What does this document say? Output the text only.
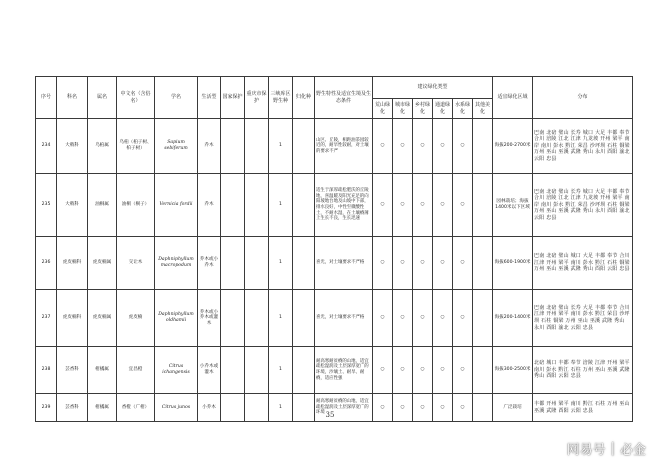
序号	科名	属名	中文名（含俗名）	学名	生活型	国家保护	重庆市保护	三峡库区野生种	归化种	野生特性及适宜生境及生态条件	建议绿化类型						适宜绿化区域	分布
											荒山绿化	城市绿化	乡村绿化	通道绿化	水系绿化	其他美化		
234	大戟科	乌桕属	乌桕（桕子树、柏子树）	Sapium sebiferum	乔木			1		山区、丘陵，相距油茶园较近的，耐旱性较耐，对土壤的要求不严	○	○	○	○	○		海拔200-2700米	巴南 北碚 璧山 长寿 城口 大足 丰都 奉节 合川 涪陵 江北 江津 九龙坡 开州 梁平 南岸 南川 彭水 黔江 荣昌 沙坪坝 石柱 铜梁 万州 巫山 巫溪 武隆 秀山 永川 酉阳 渝北 云阳 忠县
235	大戟科	油桐属	油桐（桐子）	Vernicia fordii	乔木			1		适生于深厚疏松肥沃的丘陵地，喜温暖及阳光充足的向阳坡地台地及山坡中下部，排水良好，中性至微酸性土，不耐水湿，在土壤瘠薄上生长不良，生长迅速	○	○	○	○	○		园林栽培；海拔1400米以下区域	巴南 北碚 璧山 长寿 城口 大足 丰都 奉节 合川 涪陵 江北 江津 九龙坡 开州 梁平 南岸 南川 彭水 黔江 荣昌 沙坪坝 石柱 铜梁 万州 巫山 巫溪 武隆 秀山 永川 酉阳 渝北 云阳 忠县
236	虎皮楠科	虎皮楠属	交让木	Daphniphyllum macropodum	乔木或小乔木			1		喜光，对土壤要求不严格	○	○	○	○	○		海拔600-1900米	巴南 北碚 璧山 城口 大足 丰都 奉节 合川 江津 开州 梁平 南川 彭水 黔江 石柱 铜梁 万州 巫山 巫溪 武隆 秀山 酉阳 云阳 忠县
237	虎皮楠科	虎皮楠属	虎皮楠	Daphniphyllum oldhamii	乔木或小乔木或灌木			1		喜光，对土壤要求不严格	○	○	○	○	○		海拔200-1400米	巴南 北碚 璧山 长寿 大足 丰都 奉节 合川 江津 开州 梁平 南川 彭水 黔江 荣昌 沙坪坝 石柱 铜梁 万州 巫山 巫溪 武隆 秀山 永川 酉阳 渝北 云阳 忠县
238	芸香科	柑橘属	宜昌橙	Citrus ichangensis	小乔木或灌木			1		耐高寒耐贫瘠的山地，适宜疏松湿润及土层深厚宽广的环境，沙壤土、耐旱、耐瘠，适应性强	○	○	○	○	○		海拔300-2500米	北碚 城口 丰都 奉节 涪陵 江津 开州 梁平 南川 彭水 黔江 石柱 万州 巫山 巫溪 武隆 秀山 酉阳 云阳 忠县
239	芸香科	柑橘属	香橙（广柑）	Citrus junos	小乔木			1		耐高寒耐贫瘠的山地，适宜疏松湿润及土层深厚宽广的环境	○	○	○	○	○		广泛栽培	丰都 开州 梁平 南川 黔江 石柱 万州 巫山 巫溪 武隆 酉阳 云阳 忠县
35
网易号 | 必金
